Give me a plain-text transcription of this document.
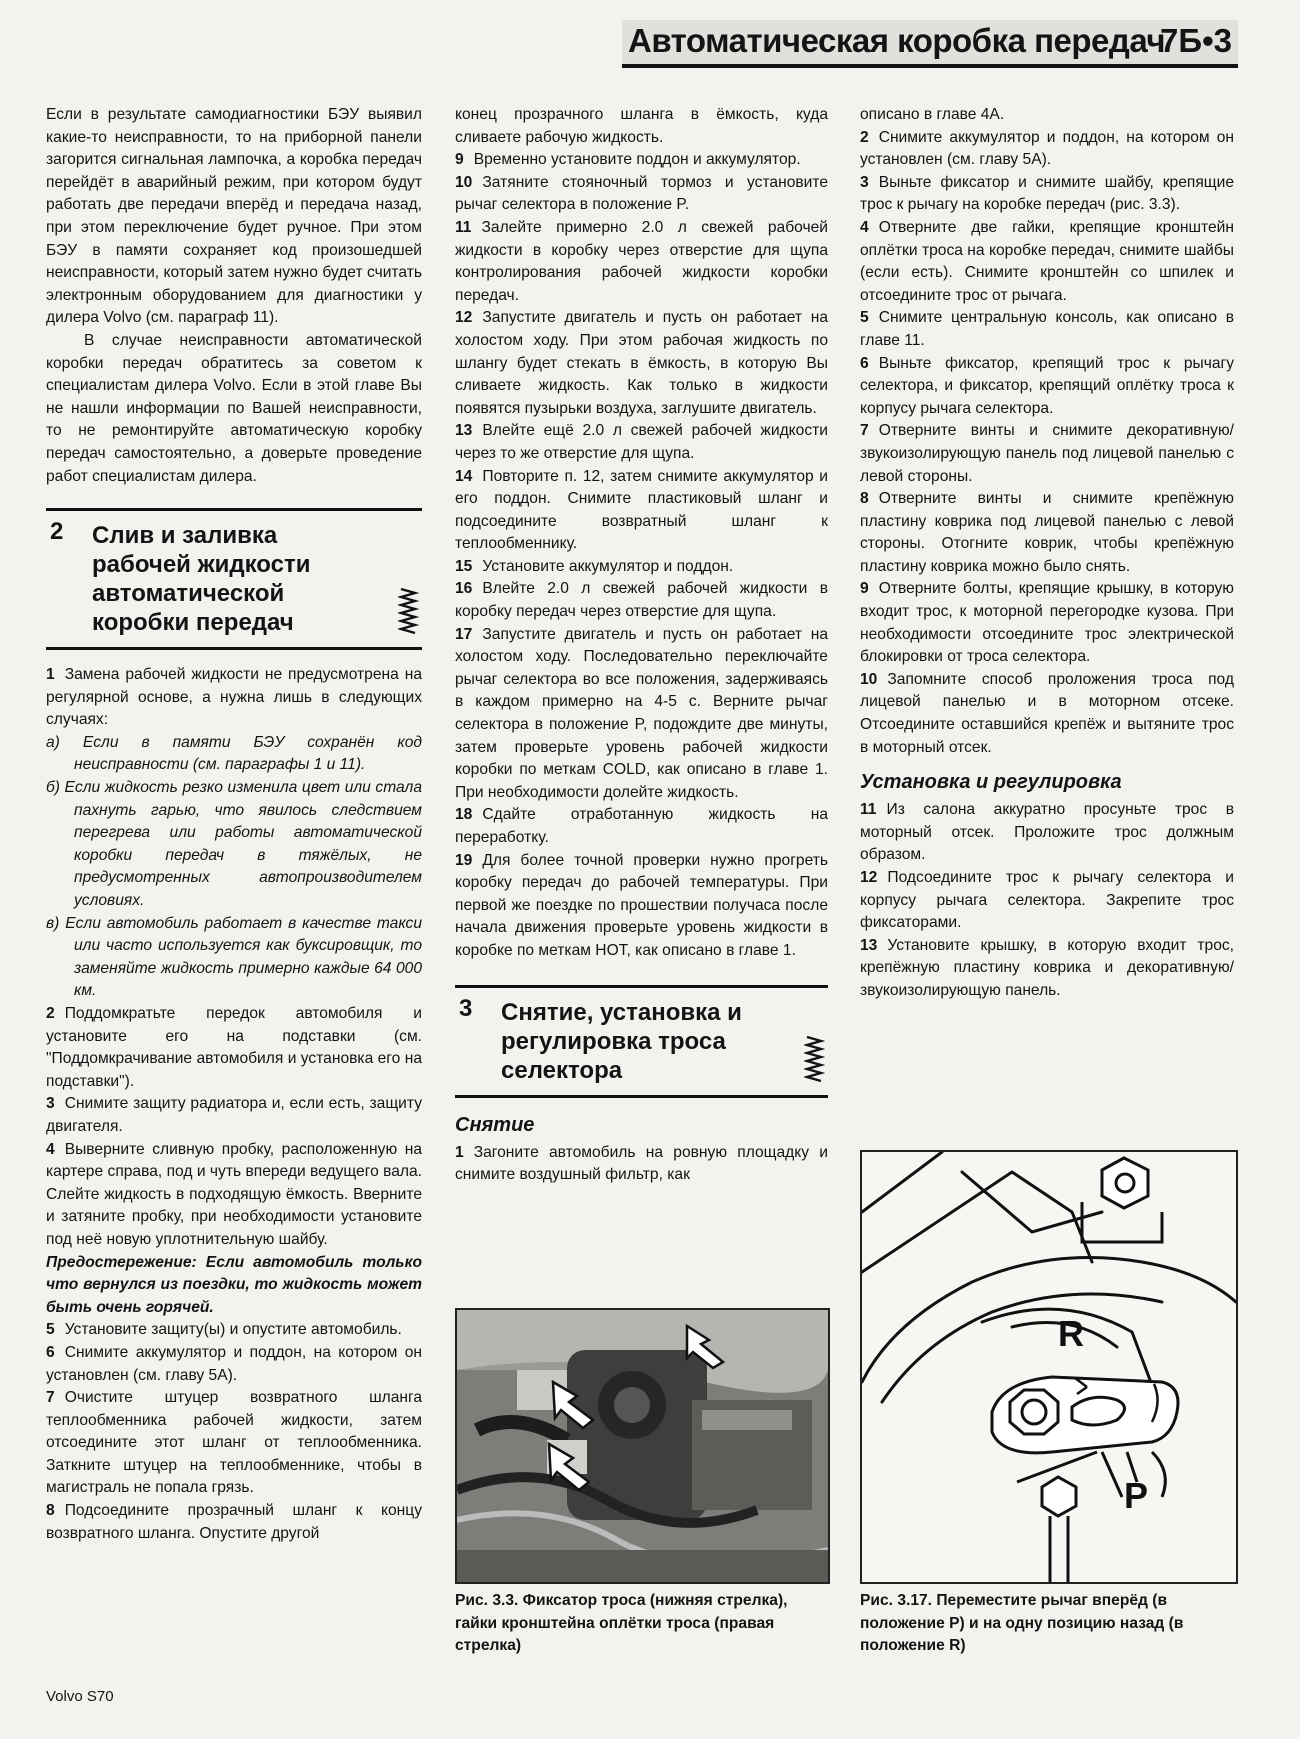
Автоматическая коробка передач
7Б•3

Если в результате самодиагностики БЭУ выявил какие-то неисправности, то на приборной панели загорится сигнальная лампочка, а коробка передач перейдёт в аварийный режим, при котором будут работать две передачи вперёд и передача назад, при этом переключение будет ручное. При этом БЭУ в памяти сохраняет код произошедшей неисправности, который затем нужно будет считать электронным оборудованием для диагностики у дилера Volvo (см. параграф 11).

В случае неисправности автоматической коробки передач обратитесь за советом к специалистам дилера Volvo. Если в этой главе Вы не нашли информации по Вашей неисправности, то не ремонтируйте автоматическую коробку передач самостоятельно, а доверьте проведение работ специалистам дилера.

2 Слив и заливка рабочей жидкости автоматической коробки передач

1 Замена рабочей жидкости не предусмотрена на регулярной основе, а нужна лишь в следующих случаях:

а) Если в памяти БЭУ сохранён код неисправности (см. параграфы 1 и 11).

б) Если жидкость резко изменила цвет или стала пахнуть гарью, что явилось следствием перегрева или работы автоматической коробки передач в тяжёлых, не предусмотренных автопроизводителем условиях.

в) Если автомобиль работает в качестве такси или часто используется как буксировщик, то заменяйте жидкость примерно каждые 64 000 км.

2 Поддомкратьте передок автомобиля и установите его на подставки (см. "Поддомкрачивание автомобиля и установка его на подставки").

3 Снимите защиту радиатора и, если есть, защиту двигателя.

4 Выверните сливную пробку, расположенную на картере справа, под и чуть впереди ведущего вала. Слейте жидкость в подходящую ёмкость. Вверните и затяните пробку, при необходимости установите под неё новую уплотнительную шайбу.

Предостережение: Если автомобиль только что вернулся из поездки, то жидкость может быть очень горячей.

5 Установите защиту(ы) и опустите автомобиль.

6 Снимите аккумулятор и поддон, на котором он установлен (см. главу 5А).

7 Очистите штуцер возвратного шланга теплообменника рабочей жидкости, затем отсоедините этот шланг от теплообменника. Заткните штуцер на теплообменнике, чтобы в магистраль не попала грязь.

8 Подсоедините прозрачный шланг к концу возвратного шланга. Опустите другой

конец прозрачного шланга в ёмкость, куда сливаете рабочую жидкость.

9 Временно установите поддон и аккумулятор.

10 Затяните стояночный тормоз и установите рычаг селектора в положение P.

11 Залейте примерно 2.0 л свежей рабочей жидкости в коробку через отверстие для щупа контролирования рабочей жидкости коробки передач.

12 Запустите двигатель и пусть он работает на холостом ходу. При этом рабочая жидкость по шлангу будет стекать в ёмкость, в которую Вы сливаете жидкость. Как только в жидкости появятся пузырьки воздуха, заглушите двигатель.

13 Влейте ещё 2.0 л свежей рабочей жидкости через то же отверстие для щупа.

14 Повторите п. 12, затем снимите аккумулятор и его поддон. Снимите пластиковый шланг и подсоедините возвратный шланг к теплообменнику.

15 Установите аккумулятор и поддон.

16 Влейте 2.0 л свежей рабочей жидкости в коробку передач через отверстие для щупа.

17 Запустите двигатель и пусть он работает на холостом ходу. Последовательно переключайте рычаг селектора во все положения, задерживаясь в каждом примерно на 4-5 с. Верните рычаг селектора в положение P, подождите две минуты, затем проверьте уровень рабочей жидкости коробки по меткам COLD, как описано в главе 1. При необходимости долейте жидкость.

18 Сдайте отработанную жидкость на переработку.

19 Для более точной проверки нужно прогреть коробку передач до рабочей температуры. При первой же поездке по прошествии получаса после начала движения проверьте уровень жидкости в коробке по меткам HOT, как описано в главе 1.

3 Снятие, установка и регулировка троса селектора
Снятие

1 Загоните автомобиль на ровную площадку и снимите воздушный фильтр, как

Рис. 3.3. Фиксатор троса (нижняя стрелка), гайки кронштейна оплётки троса (правая стрелка)

описано в главе 4А.

2 Снимите аккумулятор и поддон, на котором он установлен (см. главу 5А).

3 Выньте фиксатор и снимите шайбу, крепящие трос к рычагу на коробке передач (рис. 3.3).

4 Отверните две гайки, крепящие кронштейн оплётки троса на коробке передач, снимите шайбы (если есть). Снимите кронштейн со шпилек и отсоедините трос от рычага.

5 Снимите центральную консоль, как описано в главе 11.

6 Выньте фиксатор, крепящий трос к рычагу селектора, и фиксатор, крепящий оплётку троса к корпусу рычага селектора.

7 Отверните винты и снимите декоративную/звукоизолирующую панель под лицевой панелью с левой стороны.

8 Отверните винты и снимите крепёжную пластину коврика под лицевой панелью с левой стороны. Отогните коврик, чтобы крепёжную пластину коврика можно было снять.

9 Отверните болты, крепящие крышку, в которую входит трос, к моторной перегородке кузова. При необходимости отсоедините трос электрической блокировки от троса селектора.

10 Запомните способ проложения троса под лицевой панелью и в моторном отсеке. Отсоедините оставшийся крепёж и вытяните трос в моторный отсек.

Установка и регулировка

11 Из салона аккуратно просуньте трос в моторный отсек. Проложите трос должным образом.

12 Подсоедините трос к рычагу селектора и корпусу рычага селектора. Закрепите трос фиксаторами.

13 Установите крышку, в которую входит трос, крепёжную пластину коврика и декоративную/звукоизолирующую панель.

R
P
Рис. 3.17. Переместите рычаг вперёд (в положение P) и на одну позицию назад (в положение R)
Volvo S70
